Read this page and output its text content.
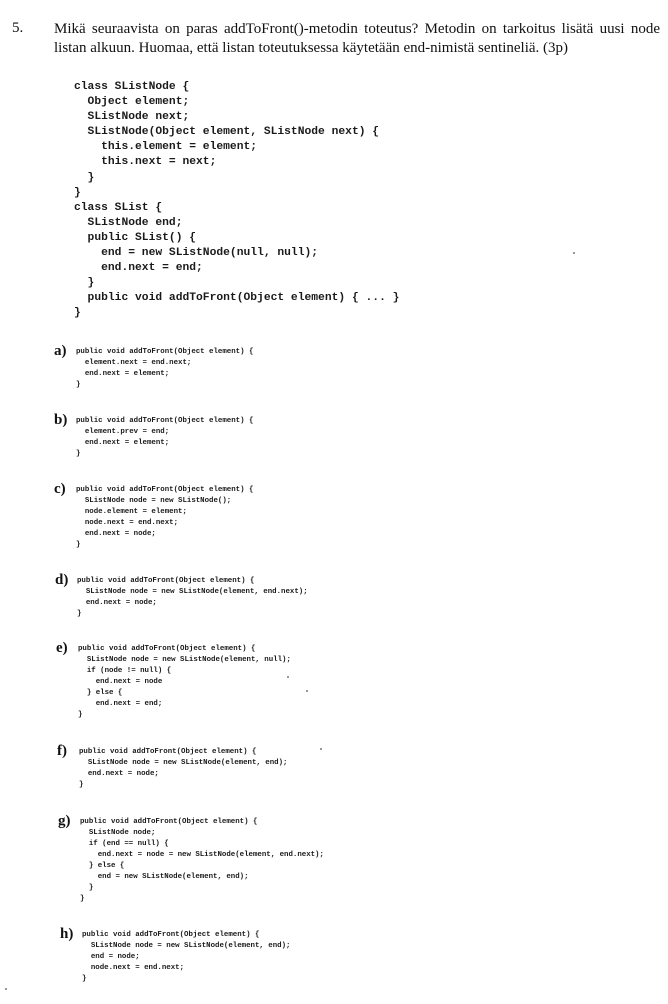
5. Mikä seuraavista on paras addToFront()-metodin toteutus? Metodin on tarkoitus lisätä uusi node listan alkuun. Huomaa, että listan toteutuksessa käytetään end-nimistä sentineliä. (3p)
class SListNode {
Object element;
SListNode next;
SListNode(Object element, SListNode next) {
this.element = element;
this.next = next;
}
}
class SList {
SListNode end;
public SList() {
end = new SListNode(null, null);
end.next = end;
}
public void addToFront(Object element) { ... }
}
a) public void addToFront(Object element) {
element.next = end.next;
end.next = element;
}
b) public void addToFront(Object element) {
element.prev = end;
end.next = element;
}
c) public void addToFront(Object element) {
SListNode node = new SListNode();
node.element = element;
node.next = end.next;
end.next = node;
}
d) public void addToFront(Object element) {
SListNode node = new SListNode(element, end.next);
end.next = node;
}
e) public void addToFront(Object element) {
SListNode node = new SListNode(element, null);
if (node != null) {
end.next = node
} else {
end.next = end;
}
f) public void addToFront(Object element) {
SListNode node = new SListNode(element, end);
end.next = node;
}
g) public void addToFront(Object element) {
SListNode node;
if (end == null) {
end.next = node = new SListNode(element, end.next);
} else {
end = new SListNode(element, end);
}
}
h) public void addToFront(Object element) {
SListNode node = new SListNode(element, end);
end = node;
node.next = end.next;
}
